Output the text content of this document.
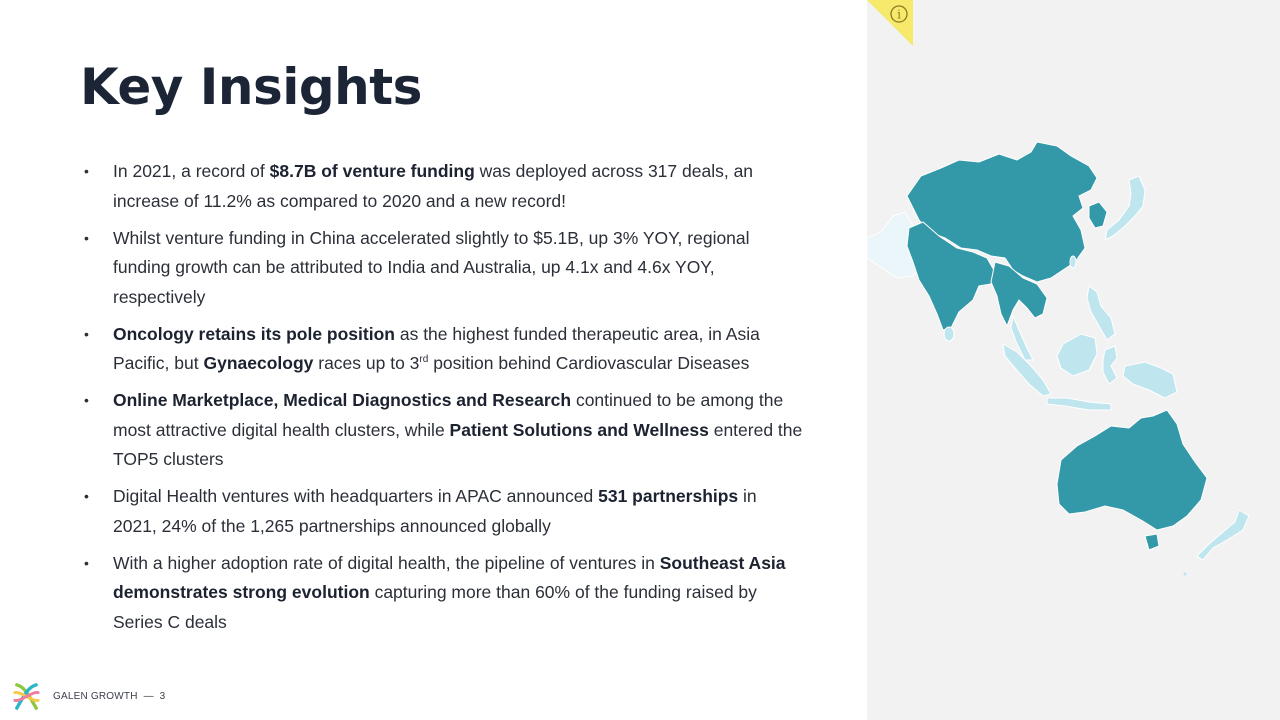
Key Insights
• In 2021, a record of $8.7B of venture funding was deployed across 317 deals, an increase of 11.2% as compared to 2020 and a new record!
• Whilst venture funding in China accelerated slightly to $5.1B, up 3% YOY, regional funding growth can be attributed to India and Australia, up 4.1x and 4.6x YOY, respectively
• Oncology retains its pole position as the highest funded therapeutic area, in Asia Pacific, but Gynaecology races up to 3rd position behind Cardiovascular Diseases
• Online Marketplace, Medical Diagnostics and Research continued to be among the most attractive digital health clusters, while Patient Solutions and Wellness entered the TOP5 clusters
• Digital Health ventures with headquarters in APAC announced 531 partnerships in 2021, 24% of the 1,265 partnerships announced globally
• With a higher adoption rate of digital health, the pipeline of ventures in Southeast Asia demonstrates strong evolution capturing more than 60% of the funding raised by Series C deals
i
GALEN GROWTH — 3
